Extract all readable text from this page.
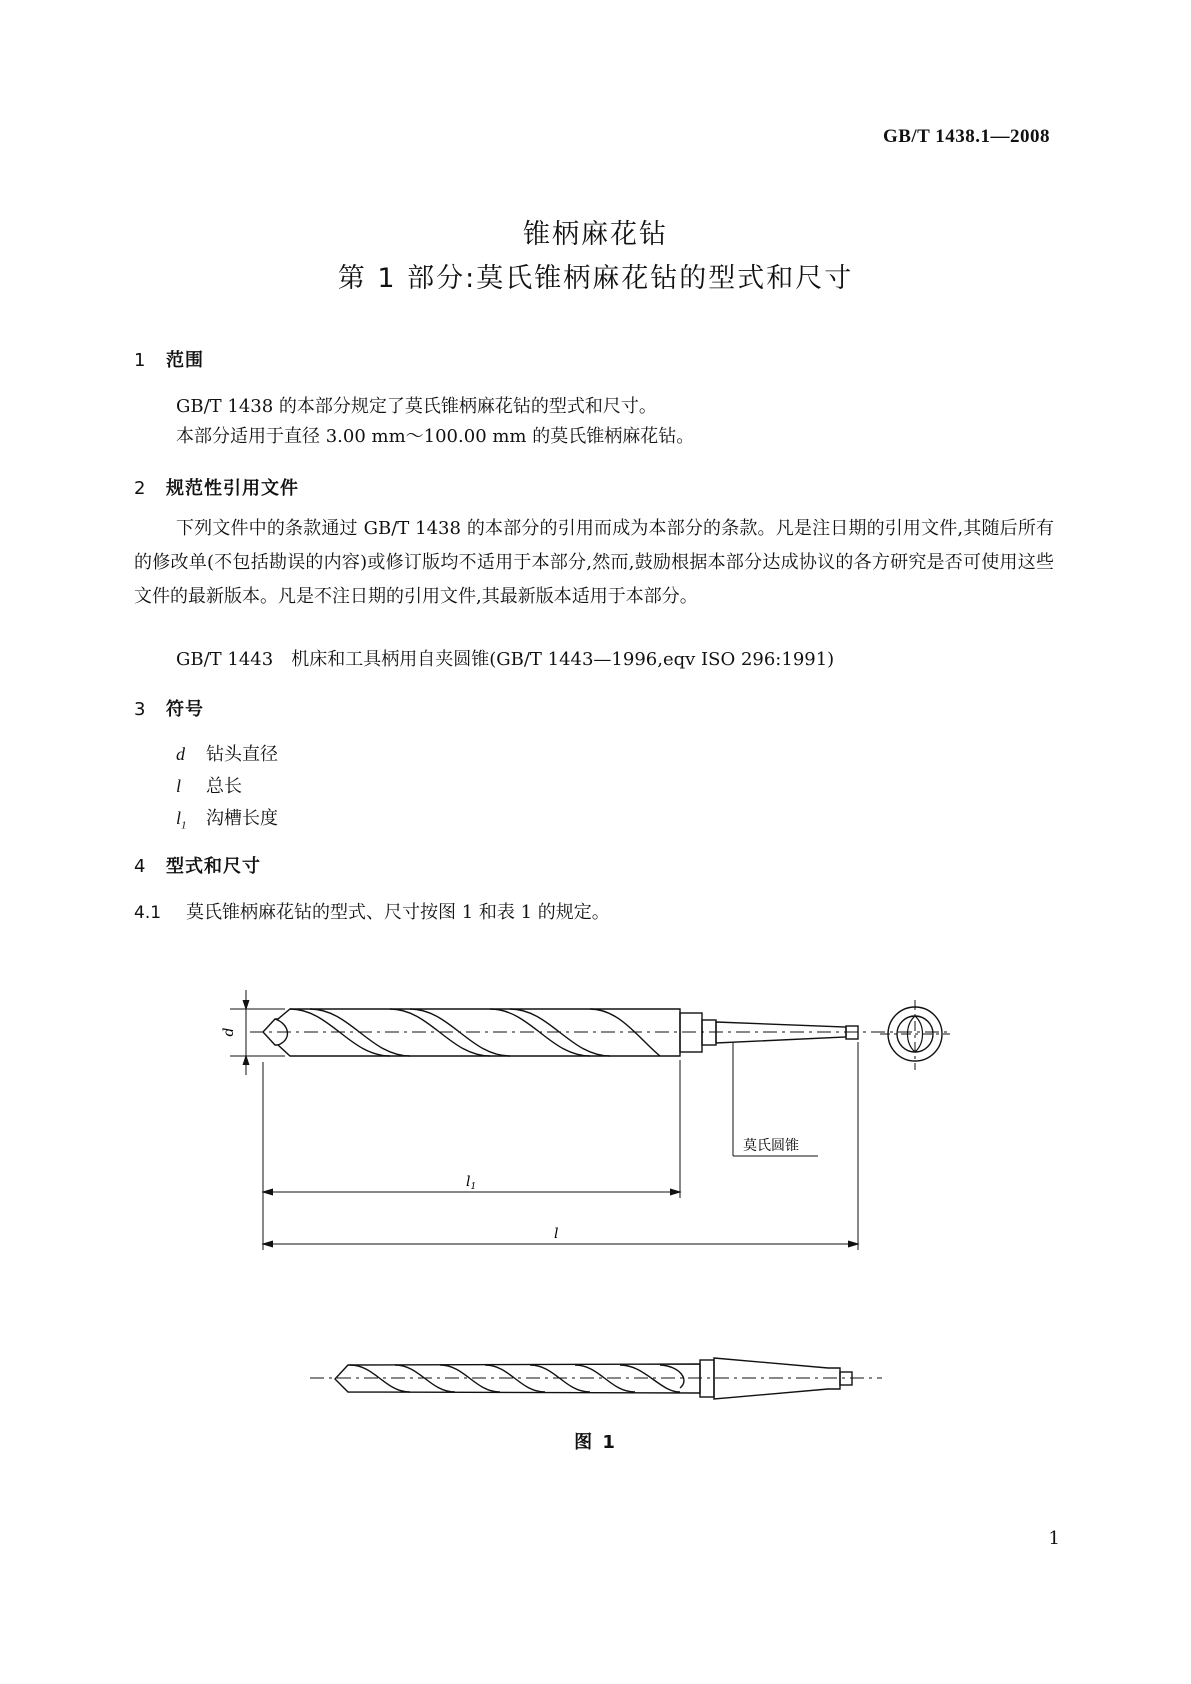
GB/T 1438.1—2008
锥柄麻花钻
第 1 部分:莫氏锥柄麻花钻的型式和尺寸
1 范围
GB/T 1438 的本部分规定了莫氏锥柄麻花钻的型式和尺寸。
本部分适用于直径 3.00 mm～100.00 mm 的莫氏锥柄麻花钻。
2 规范性引用文件
下列文件中的条款通过 GB/T 1438 的本部分的引用而成为本部分的条款。凡是注日期的引用文件,其随后所有的修改单(不包括勘误的内容)或修订版均不适用于本部分,然而,鼓励根据本部分达成协议的各方研究是否可使用这些文件的最新版本。凡是不注日期的引用文件,其最新版本适用于本部分。
GB/T 1443　机床和工具柄用自夹圆锥(GB/T 1443—1996,eqv ISO 296:1991)
3 符号
d 钻头直径
l 总长
$l_1$ 沟槽长度
4 型式和尺寸
4.1 莫氏锥柄麻花钻的型式、尺寸按图 1 和表 1 的规定。
d
$l_1$
l
莫氏圆锥
图 1
1
